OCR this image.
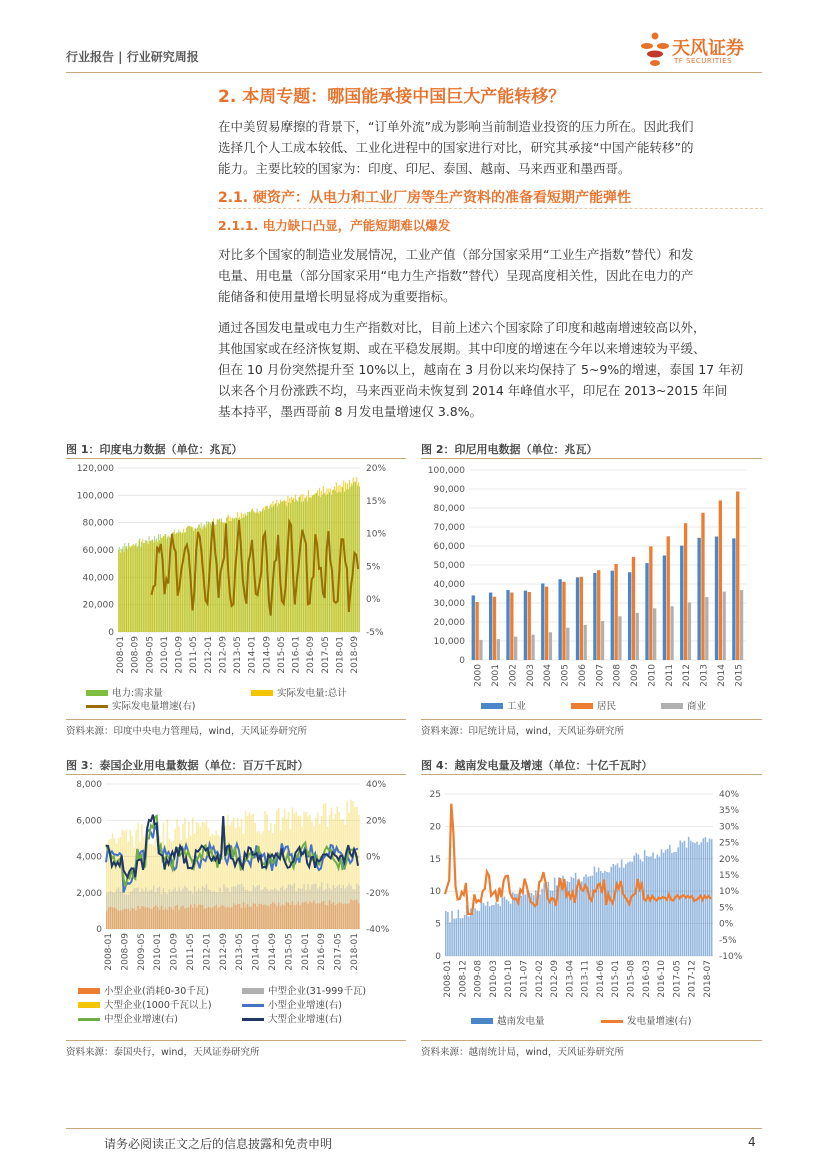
行业报告 | 行业研究周报	天风证券
TF SECURITIES
2. 本周专题：哪国能承接中国巨大产能转移？
在中美贸易摩擦的背景下，“订单外流”成为影响当前制造业投资的压力所在。因此我们
选择几个人工成本较低、工业化进程中的国家进行对比，研究其承接“中国产能转移”的
能力。主要比较的国家为：印度、印尼、泰国、越南、马来西亚和墨西哥。
2.1. 硬资产：从电力和工业厂房等生产资料的准备看短期产能弹性
2.1.1. 电力缺口凸显，产能短期难以爆发
对比多个国家的制造业发展情况，工业产值（部分国家采用“工业生产指数”替代）和发
电量、用电量（部分国家采用“电力生产指数”替代）呈现高度相关性，因此在电力的产
能储备和使用量增长明显将成为重要指标。
通过各国发电量或电力生产指数对比，目前上述六个国家除了印度和越南增速较高以外，
其他国家或在经济恢复期、或在平稳发展期。其中印度的增速在今年以来增速较为平缓、
但在 10 月份突然提升至 10%以上，越南在 3 月份以来均保持了 5~9%的增速，泰国 17 年初
以来各个月份涨跌不均，马来西亚尚未恢复到 2014 年峰值水平，印尼在 2013~2015 年间
基本持平，墨西哥前 8 月发电量增速仅 3.8%。
图 1：印度电力数据（单位：兆瓦）	图 2：印尼用电数据（单位：兆瓦）
图 3：泰国企业用电量数据（单位：百万千瓦时）	图 4：越南发电量及增速（单位：十亿千瓦时）
资料来源：印度中央电力管理局，wind，天风证券研究所	资料来源：印尼统计局，wind，天风证券研究所
资料来源：泰国央行，wind，天风证券研究所	资料来源：越南统计局，wind，天风证券研究所
0
20,000
40,000
60,000
80,000
100,000
120,000
-5%
0%
5%
10%
15%
20%
2008-01 2008-09 2009-05 2010-01 2010-09 2011-05 2012-01 2012-09 2013-05 2014-01 2014-09 2015-05 2016-01 2016-09 2017-05 2018-01 2018-09
电力:需求量	实际发电量:总计
实际发电量增速(右)
0
10,000
20,000
30,000
40,000
50,000
60,000
70,000
80,000
90,000
100,000
2000 2001 2002 2003 2004 2005 2006 2007 2008 2009 2010 2011 2012 2013 2014 2015
工业	居民	商业
0
2,000
4,000
6,000
8,000
-40%
-20%
0%
20%
40%
2008-01 2008-09 2009-05 2010-01 2010-09 2011-05 2012-01 2012-09 2013-05 2014-01 2014-09 2015-05 2016-01 2016-09 2017-05 2018-01
小型企业(消耗0-30千瓦)	中型企业(31-999千瓦)
大型企业(1000千瓦以上)	小型企业增速(右)
中型企业增速(右)	大型企业增速(右)
0
5
10
15
20
25
-10%
-5%
0%
5%
10%
15%
20%
25%
30%
35%
40%
2008-01 2008-12 2009-08 2010-03 2010-10 2011-07 2012-02 2012-09 2013-04 2013-11 2014-06 2015-01 2015-08 2016-03 2016-10 2017-05 2017-12 2018-07
越南发电量	发电量增速(右)
请务必阅读正文之后的信息披露和免责申明	4
